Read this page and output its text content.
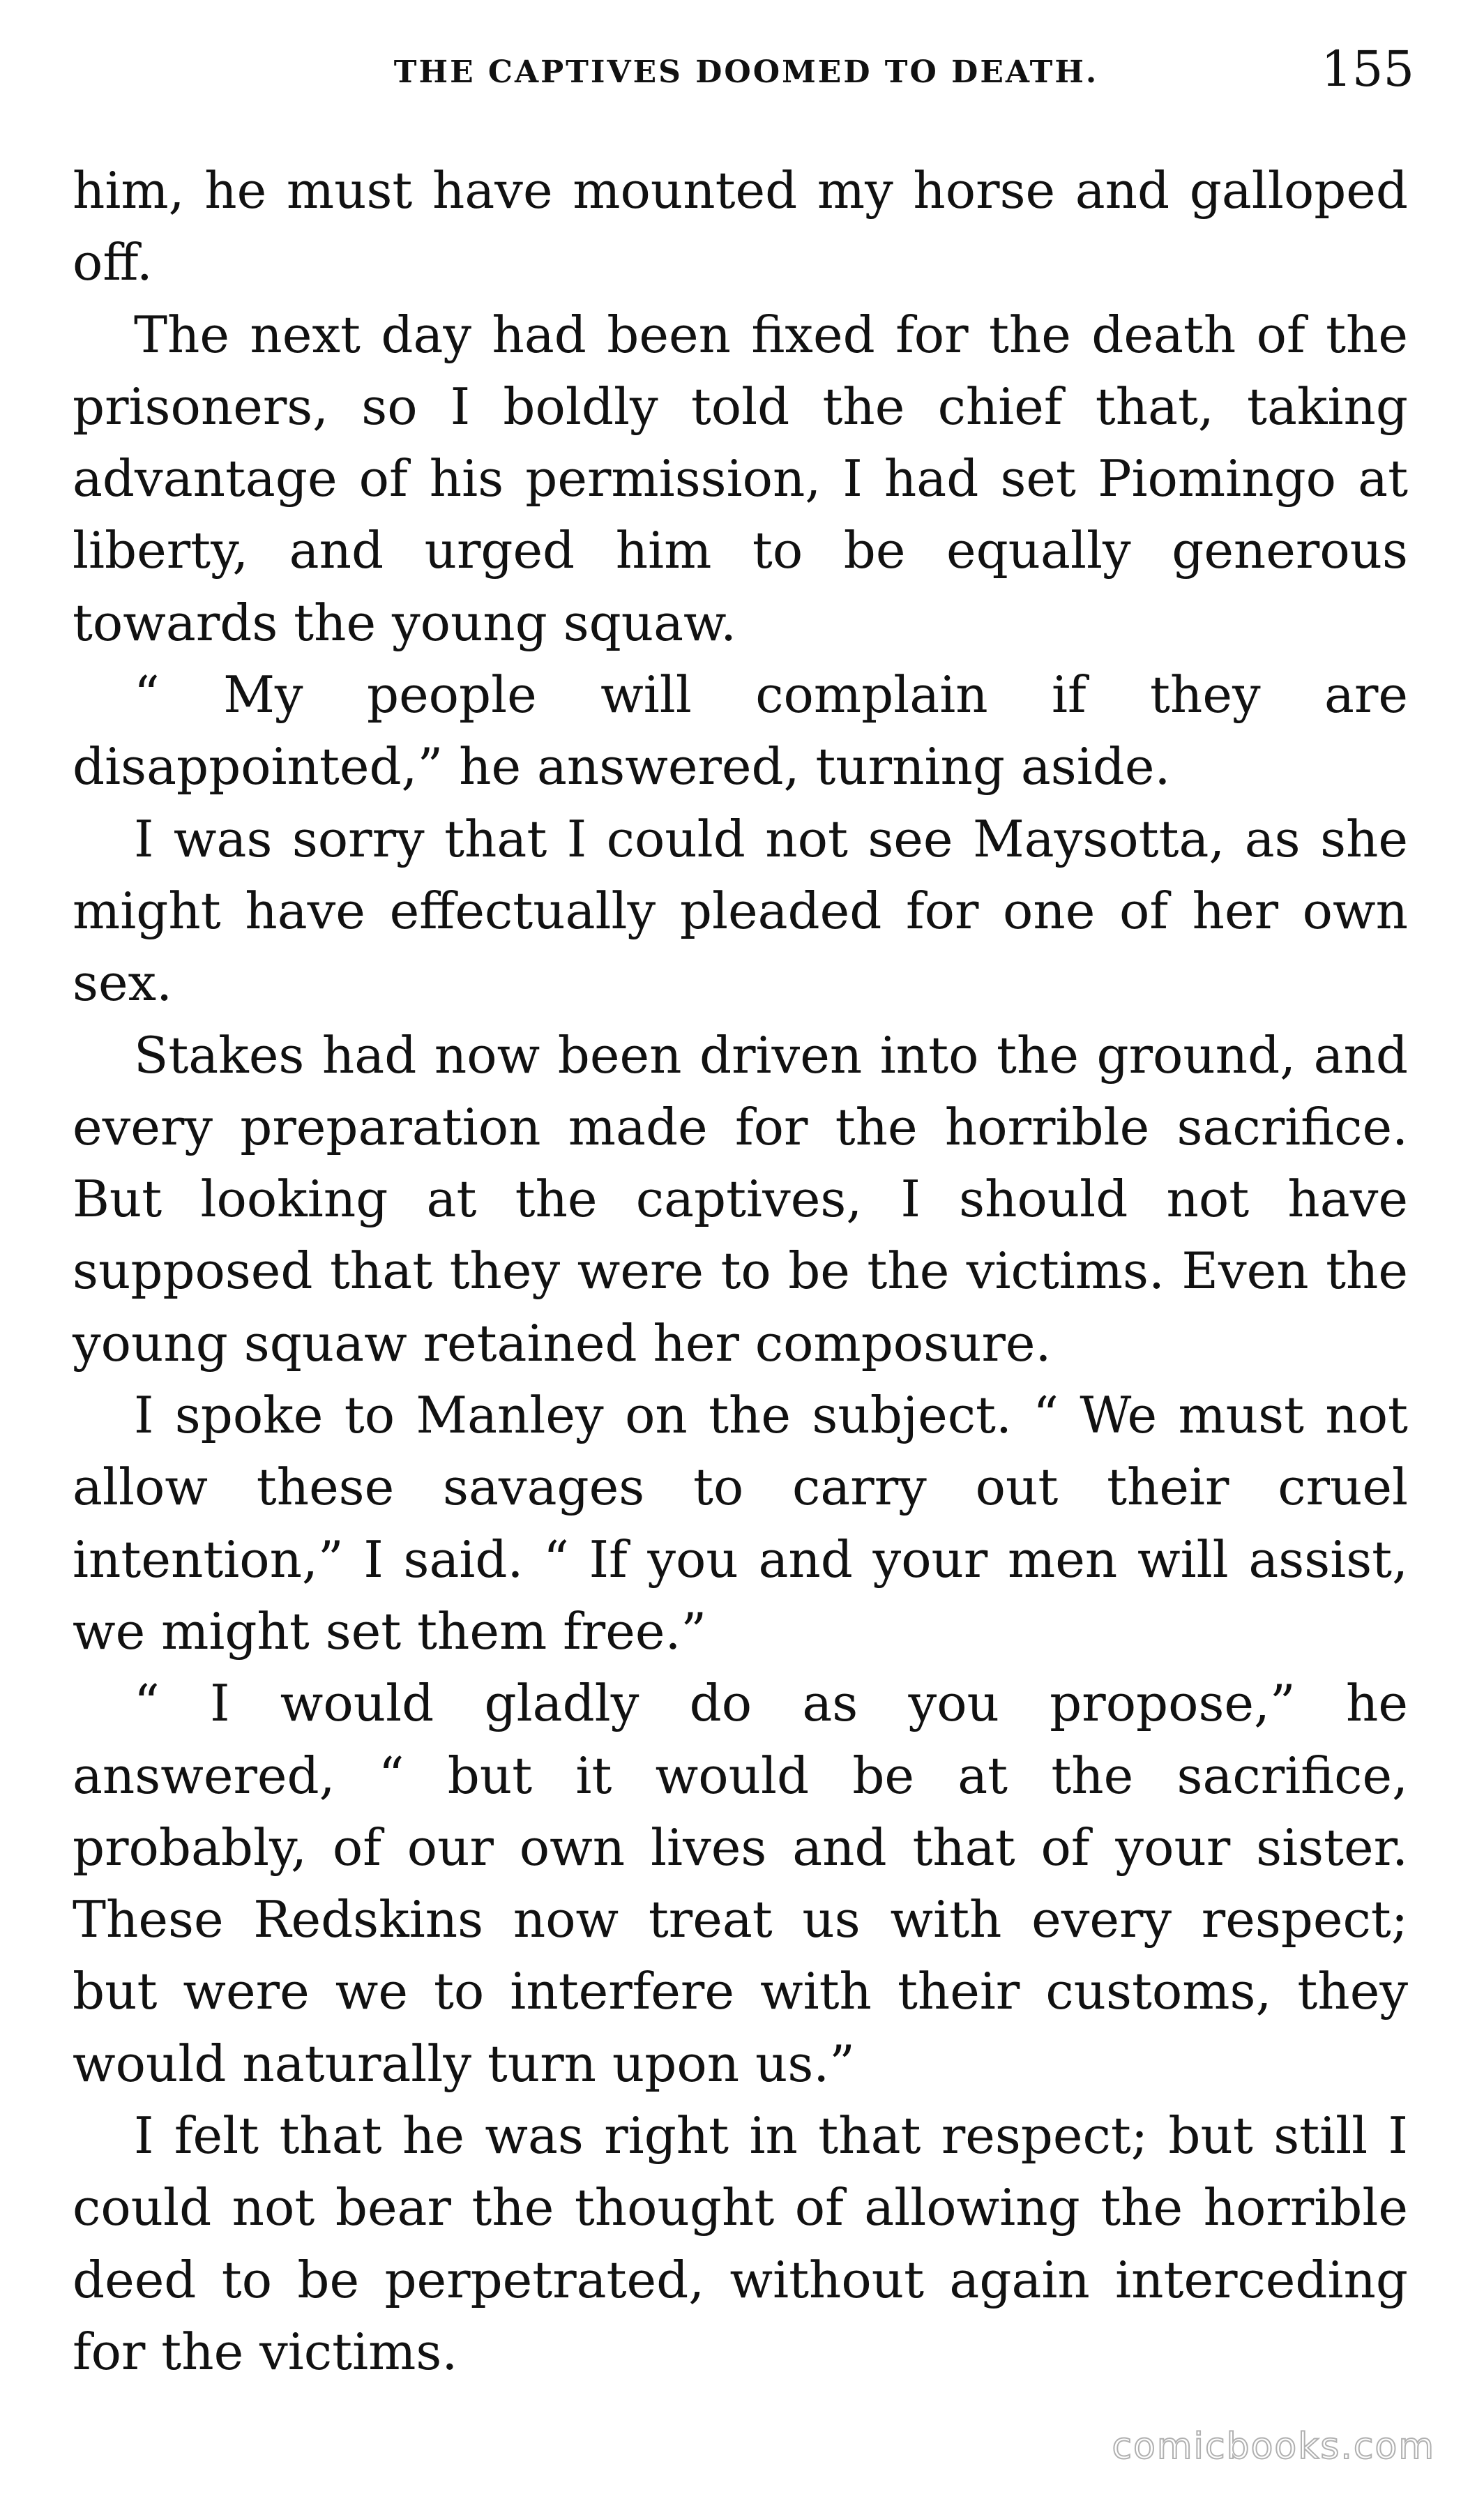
THE CAPTIVES DOOMED TO DEATH.	155

him, he must have mounted my horse and galloped off.

The next day had been fixed for the death of the prisoners, so I boldly told the chief that, taking advantage of his permission, I had set Piomingo at liberty, and urged him to be equally generous towards the young squaw.

“ My people will complain if they are disappointed,” he answered, turning aside.

I was sorry that I could not see Maysotta, as she might have effectually pleaded for one of her own sex.

Stakes had now been driven into the ground, and every preparation made for the horrible sacrifice. But looking at the captives, I should not have supposed that they were to be the victims. Even the young squaw retained her composure.

I spoke to Manley on the subject. “ We must not allow these savages to carry out their cruel intention,” I said. “ If you and your men will assist, we might set them free.”

“ I would gladly do as you propose,” he answered, “ but it would be at the sacrifice, probably, of our own lives and that of your sister. These Redskins now treat us with every respect; but were we to interfere with their customs, they would naturally turn upon us.”

I felt that he was right in that respect; but still I could not bear the thought of allowing the horrible deed to be perpetrated, without again interceding for the victims.

comicbooks.com
